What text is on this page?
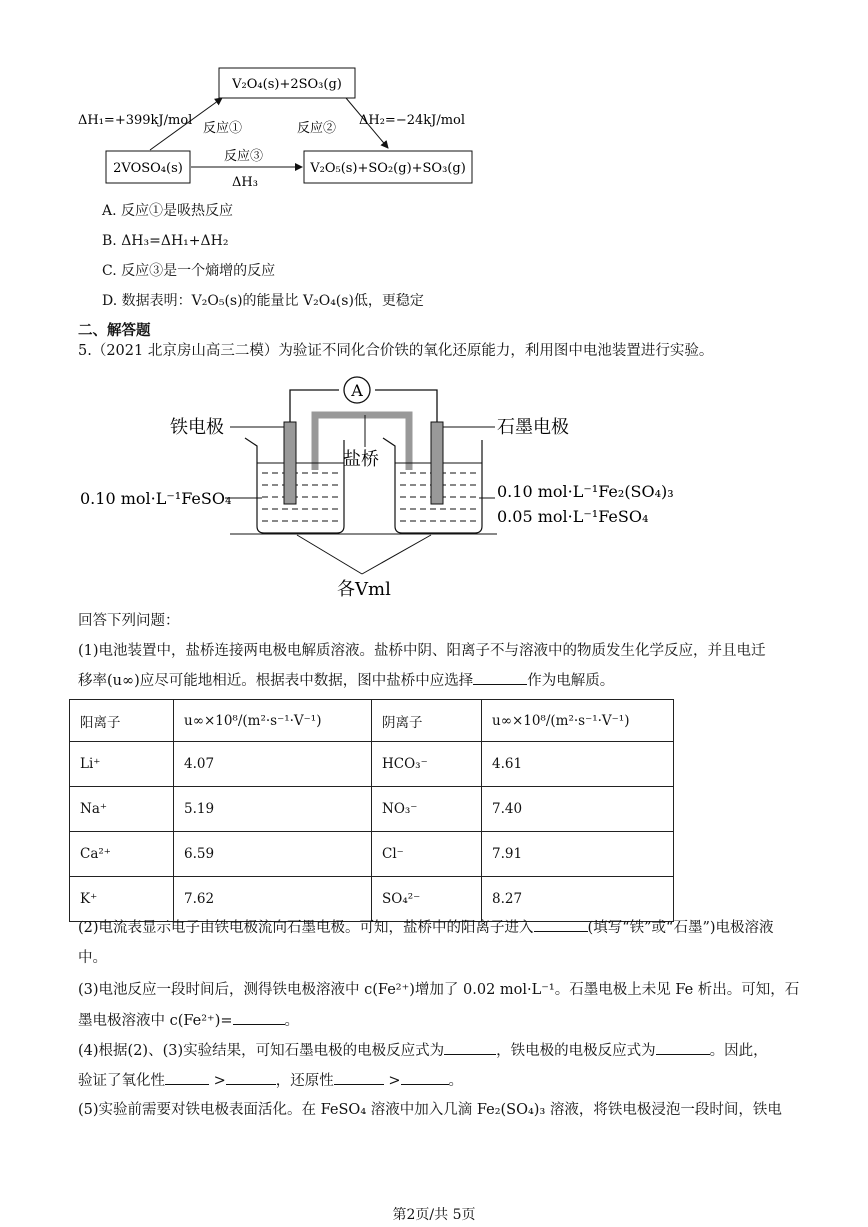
V₂O₄(s)+2SO₃(g)
2VOSO₄(s)	V₂O₅(s)+SO₂(g)+SO₃(g)
ΔH₁=+399kJ/mol
反应①	反应②
ΔH₂=−24kJ/mol
反应③
ΔH₃
A. 反应①是吸热反应
B. ΔH₃=ΔH₁+ΔH₂
C. 反应③是一个熵增的反应
D. 数据表明：V₂O₅(s)的能量比 V₂O₄(s)低，更稳定
二、解答题
5.（2021 北京房山高三二模）为验证不同化合价铁的氧化还原能力，利用图中电池装置进行实验。
A
铁电极	石墨电极
盐桥
0.10 mol·L⁻¹FeSO₄	0.10 mol·L⁻¹Fe₂(SO₄)₃
0.05 mol·L⁻¹FeSO₄
各Vml
回答下列问题：
(1)电池装置中，盐桥连接两电极电解质溶液。盐桥中阴、阳离子不与溶液中的物质发生化学反应，并且电迁
移率(u∞)应尽可能地相近。根据表中数据，图中盐桥中应选择	作为电解质。
阳离子	u∞×10⁸/(m²·s⁻¹·V⁻¹)	阴离子	u∞×10⁸/(m²·s⁻¹·V⁻¹)
Li⁺	4.07	HCO₃⁻	4.61
Na⁺	5.19	NO₃⁻	7.40
Ca²⁺	6.59	Cl⁻	7.91
K⁺	7.62	SO₄²⁻	8.27
(2)电流表显示电子由铁电极流向石墨电极。可知，盐桥中的阳离子进入	(填写“铁”或“石墨”)电极溶液
中。
(3)电池反应一段时间后，测得铁电极溶液中 c(Fe²⁺)增加了 0.02 mol·L⁻¹。石墨电极上未见 Fe 析出。可知，石
墨电极溶液中 c(Fe²⁺)=	。
(4)根据(2)、(3)实验结果，可知石墨电极的电极反应式为	，铁电极的电极反应式为	。因此，
验证了氧化性	>	，还原性	>	。
(5)实验前需要对铁电极表面活化。在 FeSO₄ 溶液中加入几滴 Fe₂(SO₄)₃ 溶液，将铁电极浸泡一段时间，铁电
第2页/共 5页
